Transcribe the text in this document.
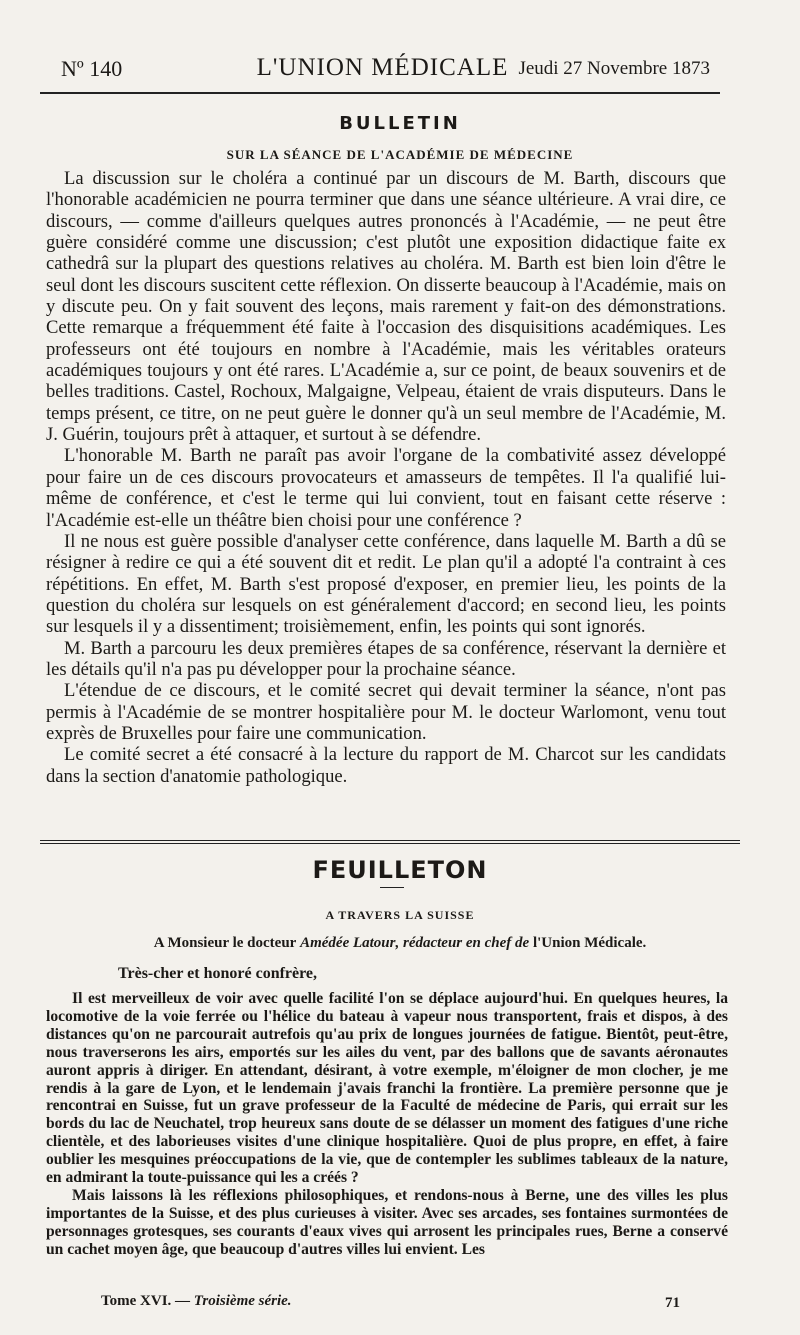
Nº 140	L'UNION MÉDICALE Jeudi 27 Novembre 1873
BULLETIN
SUR LA SÉANCE DE L'ACADÉMIE DE MÉDECINE

La discussion sur le choléra a continué par un discours de M. Barth, discours que l'honorable académicien ne pourra terminer que dans une séance ultérieure. A vrai dire, ce discours, — comme d'ailleurs quelques autres prononcés à l'Académie, — ne peut être guère considéré comme une discussion; c'est plutôt une exposition didactique faite ex cathedrâ sur la plupart des questions relatives au choléra. M. Barth est bien loin d'être le seul dont les discours suscitent cette réflexion. On disserte beaucoup à l'Académie, mais on y discute peu. On y fait souvent des leçons, mais rarement y fait-on des démonstrations. Cette remarque a fréquemment été faite à l'occasion des disquisitions académiques. Les professeurs ont été toujours en nombre à l'Académie, mais les véritables orateurs académiques toujours y ont été rares. L'Académie a, sur ce point, de beaux souvenirs et de belles traditions. Castel, Rochoux, Malgaigne, Velpeau, étaient de vrais disputeurs. Dans le temps présent, ce titre, on ne peut guère le donner qu'à un seul membre de l'Académie, M. J. Guérin, toujours prêt à attaquer, et surtout à se défendre.

L'honorable M. Barth ne paraît pas avoir l'organe de la combativité assez développé pour faire un de ces discours provocateurs et amasseurs de tempêtes. Il l'a qualifié lui-même de conférence, et c'est le terme qui lui convient, tout en faisant cette réserve : l'Académie est-elle un théâtre bien choisi pour une conférence ?

Il ne nous est guère possible d'analyser cette conférence, dans laquelle M. Barth a dû se résigner à redire ce qui a été souvent dit et redit. Le plan qu'il a adopté l'a contraint à ces répétitions. En effet, M. Barth s'est proposé d'exposer, en premier lieu, les points de la question du choléra sur lesquels on est généralement d'accord; en second lieu, les points sur lesquels il y a dissentiment; troisièmement, enfin, les points qui sont ignorés.

M. Barth a parcouru les deux premières étapes de sa conférence, réservant la dernière et les détails qu'il n'a pas pu développer pour la prochaine séance.

L'étendue de ce discours, et le comité secret qui devait terminer la séance, n'ont pas permis à l'Académie de se montrer hospitalière pour M. le docteur Warlomont, venu tout exprès de Bruxelles pour faire une communication.

Le comité secret a été consacré à la lecture du rapport de M. Charcot sur les candidats dans la section d'anatomie pathologique.

FEUILLETON
A TRAVERS LA SUISSE
A Monsieur le docteur Amédée Latour, rédacteur en chef de l'Union Médicale.
Très-cher et honoré confrère,

Il est merveilleux de voir avec quelle facilité l'on se déplace aujourd'hui. En quelques heures, la locomotive de la voie ferrée ou l'hélice du bateau à vapeur nous transportent, frais et dispos, à des distances qu'on ne parcourait autrefois qu'au prix de longues journées de fatigue. Bientôt, peut-être, nous traverserons les airs, emportés sur les ailes du vent, par des ballons que de savants aéronautes auront appris à diriger. En attendant, désirant, à votre exemple, m'éloigner de mon clocher, je me rendis à la gare de Lyon, et le lendemain j'avais franchi la frontière. La première personne que je rencontrai en Suisse, fut un grave professeur de la Faculté de médecine de Paris, qui errait sur les bords du lac de Neuchatel, trop heureux sans doute de se délasser un moment des fatigues d'une riche clientèle, et des laborieuses visites d'une clinique hospitalière. Quoi de plus propre, en effet, à faire oublier les mesquines préoccupations de la vie, que de contempler les sublimes tableaux de la nature, en admirant la toute-puissance qui les a créés ?

Mais laissons là les réflexions philosophiques, et rendons-nous à Berne, une des villes les plus importantes de la Suisse, et des plus curieuses à visiter. Avec ses arcades, ses fontaines surmontées de personnages grotesques, ses courants d'eaux vives qui arrosent les principales rues, Berne a conservé un cachet moyen âge, que beaucoup d'autres villes lui envient. Les

Tome XVI. — Troisième série.	71
